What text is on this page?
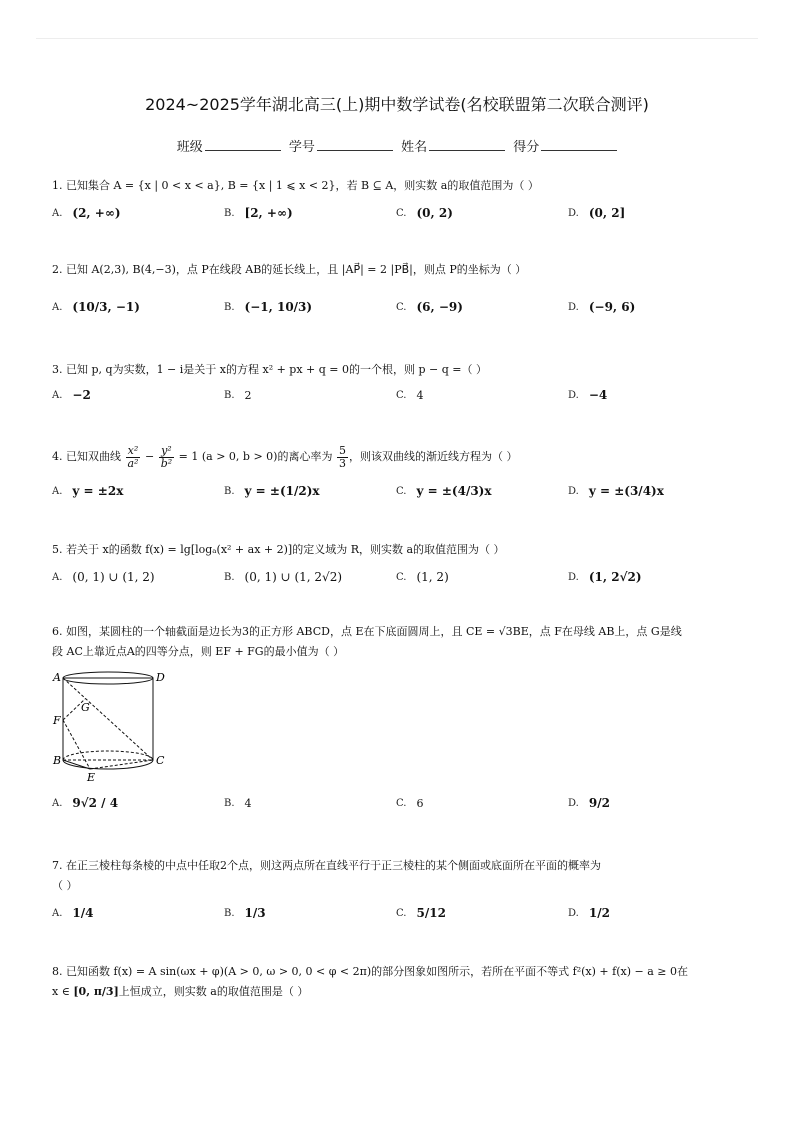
2024~2025学年湖北高三(上)期中数学试卷(名校联盟第二次联合测评)
班级	学号	姓名	得分
1. 已知集合 A = {x | 0 < x < a}, B = {x | 1 ⩽ x < 2}，若 B ⊆ A，则实数 a的取值范围为（ ）
A. (2, +∞)	B. [2, +∞)	C. (0, 2)	D. (0, 2]
2. 已知 A(2,3), B(4,−3)，点 P在线段 AB的延长线上，且 |AP⃗| = 2 |PB⃗|，则点 P的坐标为（ ）
A. (10/3, −1)	B. (−1, 10/3)	C. (6, −9)	D. (−9, 6)
3. 已知 p, q为实数，1 − i是关于 x的方程 x² + px + q = 0的一个根，则 p − q =（ ）
A. −2	B. 2	C. 4	D. −4
4. 已知双曲线 $\frac{\text{x²}}{\text{a²}} - \frac{\text{y²}}{\text{b²}} = 1$ (a > 0, b > 0)的离心率为 $\frac{5}{3}$ ，则该双曲线的渐近线方程为（ ）
A. y = ±2x	B. y = ±(1/2)x	C. y = ±(4/3)x	D. y = ±(3/4)x
5. 若关于 x的函数 f(x) = lg[logₐ(x² + ax + 2)]的定义域为 R，则实数 a的取值范围为（ ）
A. (0, 1) ∪ (1, 2)	B. (0, 1) ∪ (1, 2√2)	C. (1, 2)	D. (1, 2√2)
6. 如图，某圆柱的一个轴截面是边长为3的正方形 ABCD，点 E在下底面圆周上，且 CE = √3BE，点 F在母线 AB上，点 G是线
段 AC上靠近点A的四等分点，则 EF + FG的最小值为（ ）
A	D
G
F
B	C
E
A. 9√2 / 4	B. 4	C. 6	D. 9/2
7. 在正三棱柱每条棱的中点中任取2个点，则这两点所在直线平行于正三棱柱的某个侧面或底面所在平面的概率为
（ ）
A. 1/4	B. 1/3	C. 5/12	D. 1/2
8. 已知函数 f(x) = A sin(ωx + φ)(A > 0, ω > 0, 0 < φ < 2π)的部分图象如图所示，若所在平面不等式 f²(x) + f(x) − a ≥ 0在
x ∈ [0, π/3]上恒成立，则实数 a的取值范围是（ ）
